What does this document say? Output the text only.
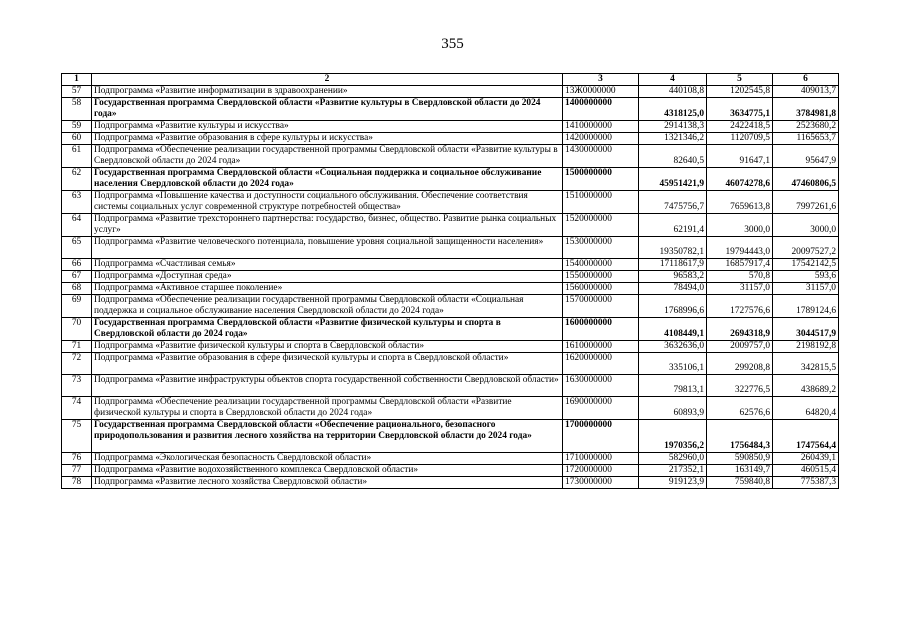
355
1	2	3	4	5	6
57	Подпрограмма «Развитие информатизации в здравоохранении»	13Ж0000000	440108,8	1202545,8	409013,7
58	Государственная программа Свердловской области «Развитие культуры в Свердловской области до 2024 года»	1400000000	4318125,0	3634775,1	3784981,8
59	Подпрограмма «Развитие культуры и искусства»	1410000000	2914138,3	2422418,5	2523680,2
60	Подпрограмма «Развитие образования в сфере культуры и искусства»	1420000000	1321346,2	1120709,5	1165653,7
61	Подпрограмма «Обеспечение реализации государственной программы Свердловской области «Развитие культуры в Свердловской области до 2024 года»	1430000000	82640,5	91647,1	95647,9
62	Государственная программа Свердловской области «Социальная поддержка и социальное обслуживание населения Свердловской области до 2024 года»	1500000000	45951421,9	46074278,6	47460806,5
63	Подпрограмма «Повышение качества и доступности социального обслуживания. Обеспечение соответствия системы социальных услуг современной структуре потребностей общества»	1510000000	7475756,7	7659613,8	7997261,6
64	Подпрограмма «Развитие трехстороннего партнерства: государство, бизнес, общество. Развитие рынка социальных услуг»	1520000000	62191,4	3000,0	3000,0
65	Подпрограмма «Развитие человеческого потенциала, повышение уровня социальной защищенности населения»	1530000000	19350782,1	19794443,0	20097527,2
66	Подпрограмма «Счастливая семья»	1540000000	17118617,9	16857917,4	17542142,5
67	Подпрограмма «Доступная среда»	1550000000	96583,2	570,8	593,6
68	Подпрограмма «Активное старшее поколение»	1560000000	78494,0	31157,0	31157,0
69	Подпрограмма «Обеспечение реализации государственной программы Свердловской области «Социальная поддержка и социальное обслуживание населения Свердловской области до 2024 года»	1570000000	1768996,6	1727576,6	1789124,6
70	Государственная программа Свердловской области «Развитие физической культуры и спорта в Свердловской области до 2024 года»	1600000000	4108449,1	2694318,9	3044517,9
71	Подпрограмма «Развитие физической культуры и спорта в Свердловской области»	1610000000	3632636,0	2009757,0	2198192,8
72	Подпрограмма «Развитие образования в сфере физической культуры и спорта в Свердловской области»	1620000000	335106,1	299208,8	342815,5
73	Подпрограмма «Развитие инфраструктуры объектов спорта государственной собственности Свердловской области»	1630000000	79813,1	322776,5	438689,2
74	Подпрограмма «Обеспечение реализации государственной программы Свердловской области «Развитие физической культуры и спорта в Свердловской области до 2024 года»	1690000000	60893,9	62576,6	64820,4
75	Государственная программа Свердловской области «Обеспечение рационального, безопасного природопользования и развития лесного хозяйства на территории Свердловской области до 2024 года»	1700000000	1970356,2	1756484,3	1747564,4
76	Подпрограмма «Экологическая безопасность Свердловской области»	1710000000	582960,0	590850,9	260439,1
77	Подпрограмма «Развитие водохозяйственного комплекса Свердловской области»	1720000000	217352,1	163149,7	460515,4
78	Подпрограмма «Развитие лесного хозяйства Свердловской области»	1730000000	919123,9	759840,8	775387,3
